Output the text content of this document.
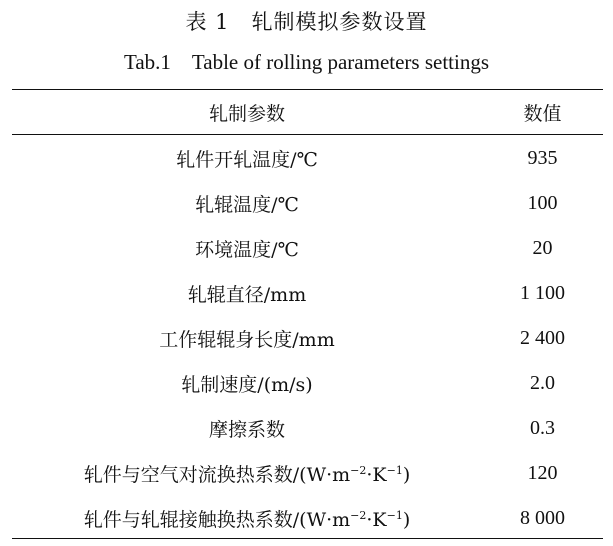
表 1　轧制模拟参数设置
Tab.1　Table of rolling parameters settings
轧制参数	数值
轧件开轧温度/℃	935
轧辊温度/℃	100
环境温度/℃	20
轧辊直径/mm	1 100
工作辊辊身长度/mm	2 400
轧制速度/(m/s)	2.0
摩擦系数	0.3
轧件与空气对流换热系数$/(W\cdot m^{-2}\cdot K^{-1})$	120
轧件与轧辊接触换热系数$/(W\cdot m^{-2}\cdot K^{-1})$	8 000
